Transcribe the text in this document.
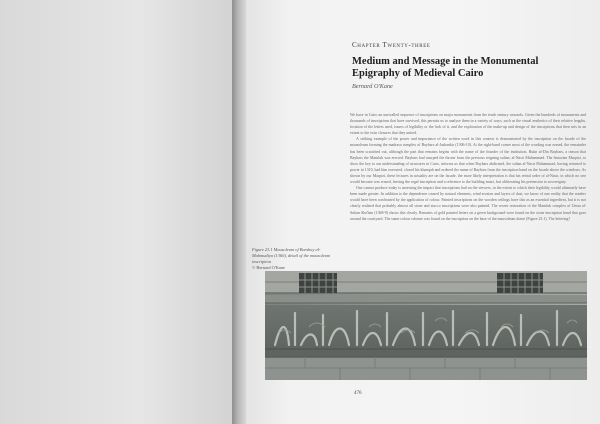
Chapter Twenty-three
Medium and Message in the Monumental Epigraphy of Medieval Cairo
Bernard O'Kane

We have in Cairo an unrivalled sequence of inscriptions on major monuments from the tenth century onwards. Given the hundreds of monuments and thousands of inscriptions that have survived, this permits us to analyse them in a variety of ways, such as the visual aesthetics of their relative lengths, location of the letters used, issues of legibility or the lack of it, and the exploration of the make-up and design of the inscriptions that then sets in an extent to the twin closures that they united.

A striking example of the power and importance of the written word in this context is demonstrated by the inscription on the facade of the mausoleum forming the madrasa complex of Baybars al-Jashankir (1306-10). At the right-hand corner most of the wording was erased, the remainder has been scratched out, although the part that remains begins with the name of the founder of the institution, Rukn al-Din Baybars, a reason that Baybars the Mamluk was erected. Baybars had usurped the throne from the previous reigning sultan, al-Nasir Muhammad. The historian Maqrizi, to show the key to our understanding of structures in Cairo, informs us that when Baybars abdicated, the sultan al-Nasir Muhammad, having returned to power in 1310, had him executed, closed his khanqah and ordered the name of Baybars from the inscription band on the facade above the windows. As shown by our Maqrizi, these lectures in actuality are on the facade, the more likely interpretation is that his retrial order of al-Nasir, in which no one would become was erased, leaving the regal inscription and a reference to the building intact, but obliterating his pretension to sovereignty.

One cannot produce today is assessing the impact that inscriptions had on the viewers, in the extent to which their legibility would ultimately have been made greater. In addition to the dependence caused by natural elements, wind erosion and layers of dust, we know of one reality that the readers would have been confronted by the application of colour. Painted inscriptions on the wooden ceilings have this as an essential ingredient, but it is not clearly realised that probably almost all stone and stucco inscriptions were also painted. The recent restoration of the Mamluk complex of Umm al-Sultan Sha'ban (1368-9) shows this clearly. Remains of gold painted letters on a green background were found on the stone inscription band that goes around the courtyard. The same colour scheme was found on the inscription on the base of the mausoleum dome (Figure 23.1). The lettering?

Figure 23.1 Mausoleum of Barsbay al-Mahmudiya (1360), detail of the mausoleum inscription
© Bernard O'Kane
476
